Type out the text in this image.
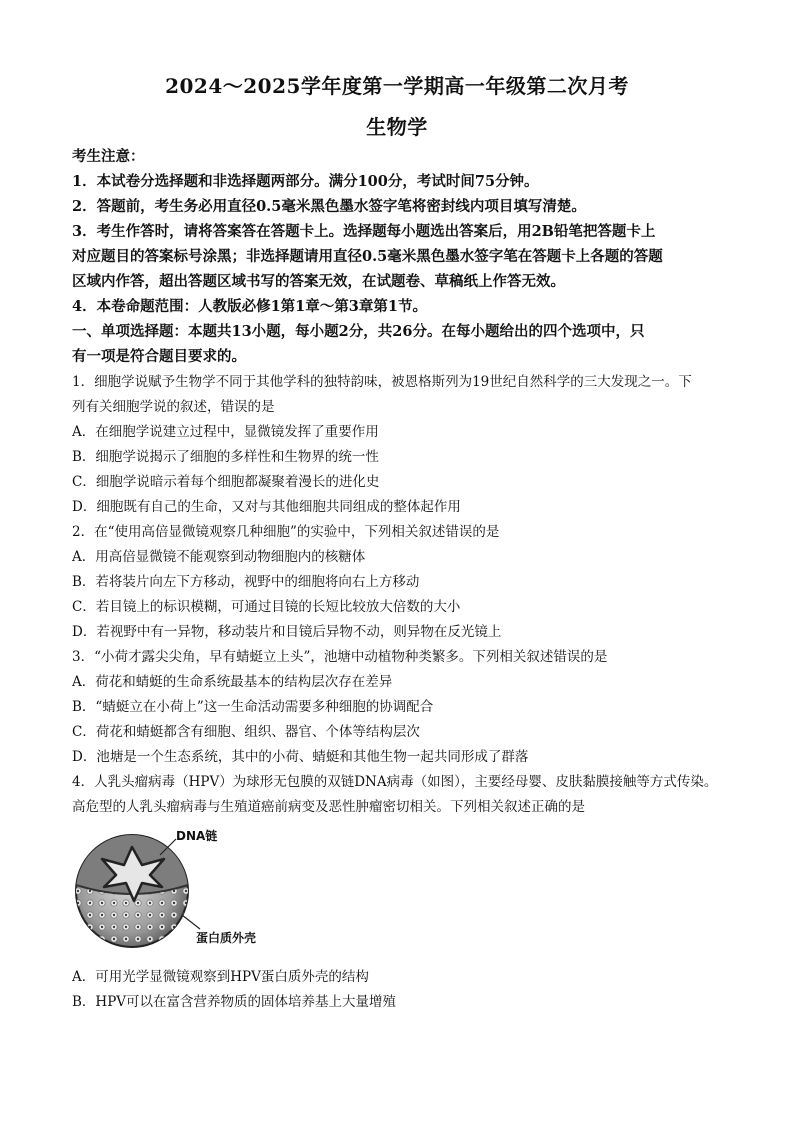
2024～2025学年度第一学期高一年级第二次月考
生物学
考生注意：
1．本试卷分选择题和非选择题两部分。满分100分，考试时间75分钟。
2．答题前，考生务必用直径0.5毫米黑色墨水签字笔将密封线内项目填写清楚。
3．考生作答时，请将答案答在答题卡上。选择题每小题选出答案后，用2B铅笔把答题卡上
对应题目的答案标号涂黑；非选择题请用直径0.5毫米黑色墨水签字笔在答题卡上各题的答题
区域内作答，超出答题区域书写的答案无效，在试题卷、草稿纸上作答无效。
4．本卷命题范围：人教版必修1第1章～第3章第1节。
一、单项选择题：本题共13小题，每小题2分，共26分。在每小题给出的四个选项中，只
有一项是符合题目要求的。
1．细胞学说赋予生物学不同于其他学科的独特韵味，被恩格斯列为19世纪自然科学的三大发现之一。下
列有关细胞学说的叙述，错误的是
A．在细胞学说建立过程中，显微镜发挥了重要作用
B．细胞学说揭示了细胞的多样性和生物界的统一性
C．细胞学说暗示着每个细胞都凝聚着漫长的进化史
D．细胞既有自己的生命，又对与其他细胞共同组成的整体起作用
2．在“使用高倍显微镜观察几种细胞”的实验中，下列相关叙述错误的是
A．用高倍显微镜不能观察到动物细胞内的核糖体
B．若将装片向左下方移动，视野中的细胞将向右上方移动
C．若目镜上的标识模糊，可通过目镜的长短比较放大倍数的大小
D．若视野中有一异物，移动装片和目镜后异物不动，则异物在反光镜上
3．“小荷才露尖尖角，早有蜻蜓立上头”，池塘中动植物种类繁多。下列相关叙述错误的是
A．荷花和蜻蜓的生命系统最基本的结构层次存在差异
B．“蜻蜓立在小荷上”这一生命活动需要多种细胞的协调配合
C．荷花和蜻蜓都含有细胞、组织、器官、个体等结构层次
D．池塘是一个生态系统，其中的小荷、蜻蜓和其他生物一起共同形成了群落
4．人乳头瘤病毒（HPV）为球形无包膜的双链DNA病毒（如图），主要经母婴、皮肤黏膜接触等方式传染。
高危型的人乳头瘤病毒与生殖道癌前病变及恶性肿瘤密切相关。下列相关叙述正确的是
DNA链
蛋白质外壳
A．可用光学显微镜观察到HPV蛋白质外壳的结构
B．HPV可以在富含营养物质的固体培养基上大量增殖
